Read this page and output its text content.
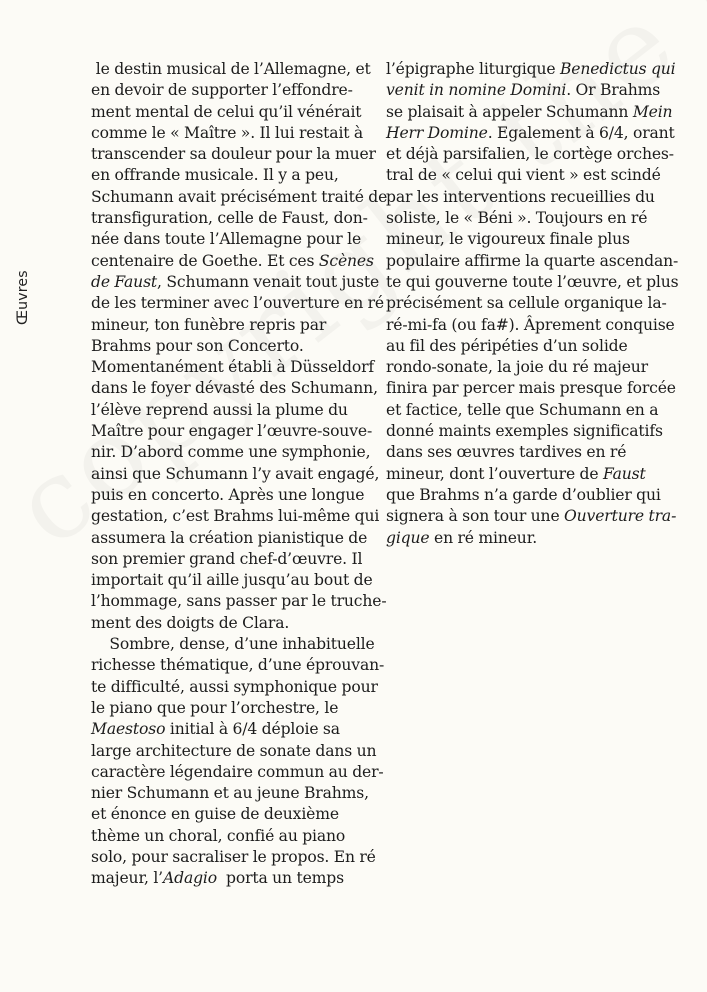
Œuvres
le destin musical de l’Allemagne, et
en devoir de supporter l’effondre-
ment mental de celui qu’il vénérait
comme le « Maître ». Il lui restait à
transcender sa douleur pour la muer
en offrande musicale. Il y a peu,
Schumann avait précisément traité de
transfiguration, celle de Faust, don-
née dans toute l’Allemagne pour le
centenaire de Goethe. Et ces Scènes
de Faust, Schumann venait tout juste
de les terminer avec l’ouverture en ré
mineur, ton funèbre repris par
Brahms pour son Concerto.
Momentanément établi à Düsseldorf
dans le foyer dévasté des Schumann,
l’élève reprend aussi la plume du
Maître pour engager l’œuvre-souve-
nir. D’abord comme une symphonie,
ainsi que Schumann l’y avait engagé,
puis en concerto. Après une longue
gestation, c’est Brahms lui-même qui
assumera la création pianistique de
son premier grand chef-d’œuvre. Il
importait qu’il aille jusqu’au bout de
l’hommage, sans passer par le truche-
ment des doigts de Clara.
Sombre, dense, d’une inhabituelle
richesse thématique, d’une éprouvan-
te difficulté, aussi symphonique pour
le piano que pour l’orchestre, le
Maestoso initial à 6/4 déploie sa
large architecture de sonate dans un
caractère légendaire commun au der-
nier Schumann et au jeune Brahms,
et énonce en guise de deuxième
thème un choral, confié au piano
solo, pour sacraliser le propos. En ré
majeur, l’Adagio  porta un temps
l’épigraphe liturgique Benedictus qui
venit in nomine Domini. Or Brahms
se plaisait à appeler Schumann Mein
Herr Domine. Egalement à 6/4, orant
et déjà parsifalien, le cortège orches-
tral de « celui qui vient » est scindé
par les interventions recueillies du
soliste, le « Béni ». Toujours en ré
mineur, le vigoureux finale plus
populaire affirme la quarte ascendan-
te qui gouverne toute l’œuvre, et plus
précisément sa cellule organique la-
ré-mi-fa (ou fa#). Âprement conquise
au fil des péripéties d’un solide
rondo-sonate, la joie du ré majeur
finira par percer mais presque forcée
et factice, telle que Schumann en a
donné maints exemples significatifs
dans ses œuvres tardives en ré
mineur, dont l’ouverture de Faust
que Brahms n’a garde d’oublier qui
signera à son tour une Ouverture tra-
gique en ré mineur.
